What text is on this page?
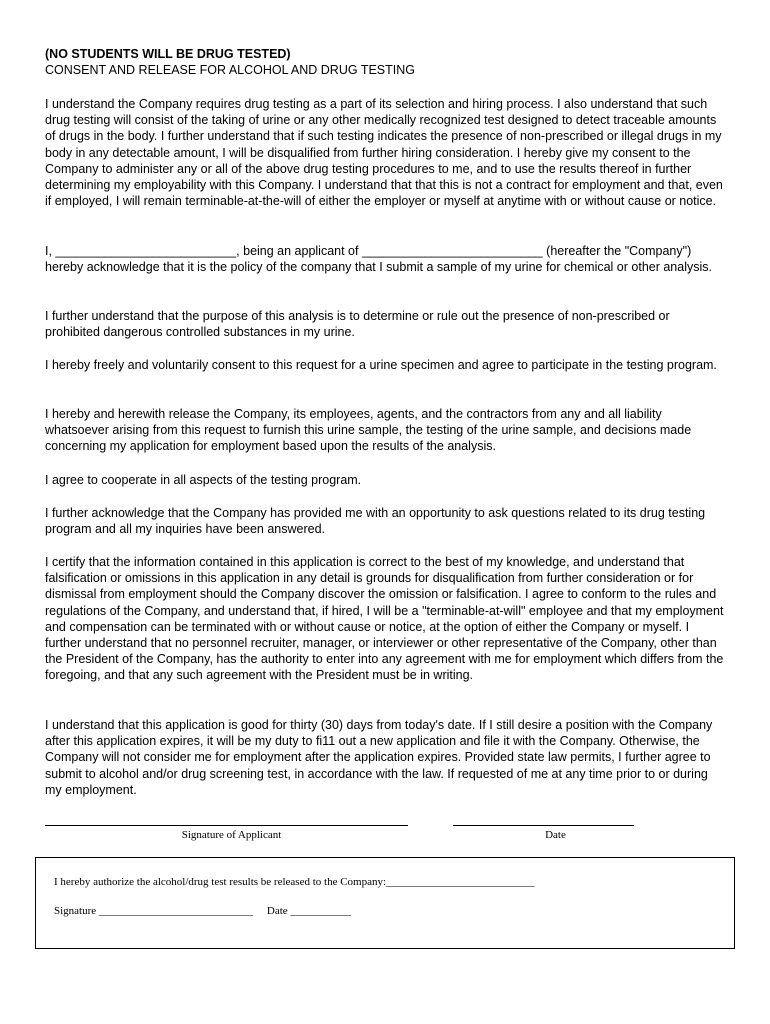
(NO STUDENTS WILL BE DRUG TESTED)
CONSENT AND RELEASE FOR ALCOHOL AND DRUG TESTING

I understand the Company requires drug testing as a part of its selection and hiring process. I also understand that such drug testing will consist of the taking of urine or any other medically recognized test designed to detect traceable amounts of drugs in the body. I further understand that if such testing indicates the presence of non-prescribed or illegal drugs in my body in any detectable amount, I will be disqualified from further hiring consideration. I hereby give my consent to the Company to administer any or all of the above drug testing procedures to me, and to use the results thereof in further determining my employability with this Company. I understand that that this is not a contract for employment and that, even if employed, I will remain terminable-at-the-will of either the employer or myself at anytime with or without cause or notice.

I, __________________________, being an applicant of __________________________ (hereafter the "Company") hereby acknowledge that it is the policy of the company that I submit a sample of my urine for chemical or other analysis.

I further understand that the purpose of this analysis is to determine or rule out the presence of non-prescribed or prohibited dangerous controlled substances in my urine.

I hereby freely and voluntarily consent to this request for a urine specimen and agree to participate in the testing program.

I hereby and herewith release the Company, its employees, agents, and the contractors from any and all liability whatsoever arising from this request to furnish this urine sample, the testing of the urine sample, and decisions made concerning my application for employment based upon the results of the analysis.

I agree to cooperate in all aspects of the testing program.

I further acknowledge that the Company has provided me with an opportunity to ask questions related to its drug testing program and all my inquiries have been answered.

I certify that the information contained in this application is correct to the best of my knowledge, and understand that falsification or omissions in this application in any detail is grounds for disqualification from further consideration or for dismissal from employment should the Company discover the omission or falsification. I agree to conform to the rules and regulations of the Company, and understand that, if hired, I will be a "terminable-at-will" employee and that my employment and compensation can be terminated with or without cause or notice, at the option of either the Company or myself. I further understand that no personnel recruiter, manager, or interviewer or other representative of the Company, other than the President of the Company, has the authority to enter into any agreement with me for employment which differs from the foregoing, and that any such agreement with the President must be in writing.

I understand that this application is good for thirty (30) days from today's date. If I still desire a position with the Company after this application expires, it will be my duty to fi11 out a new application and file it with the Company. Otherwise, the Company will not consider me for employment after the application expires. Provided state law permits, I further agree to submit to alcohol and/or drug screening test, in accordance with the law. If requested of me at any time prior to or during my employment.

Signature of Applicant	Date
I hereby authorize the alcohol/drug test results be released to the Company:___________________________
Signature ____________________________ Date ___________
